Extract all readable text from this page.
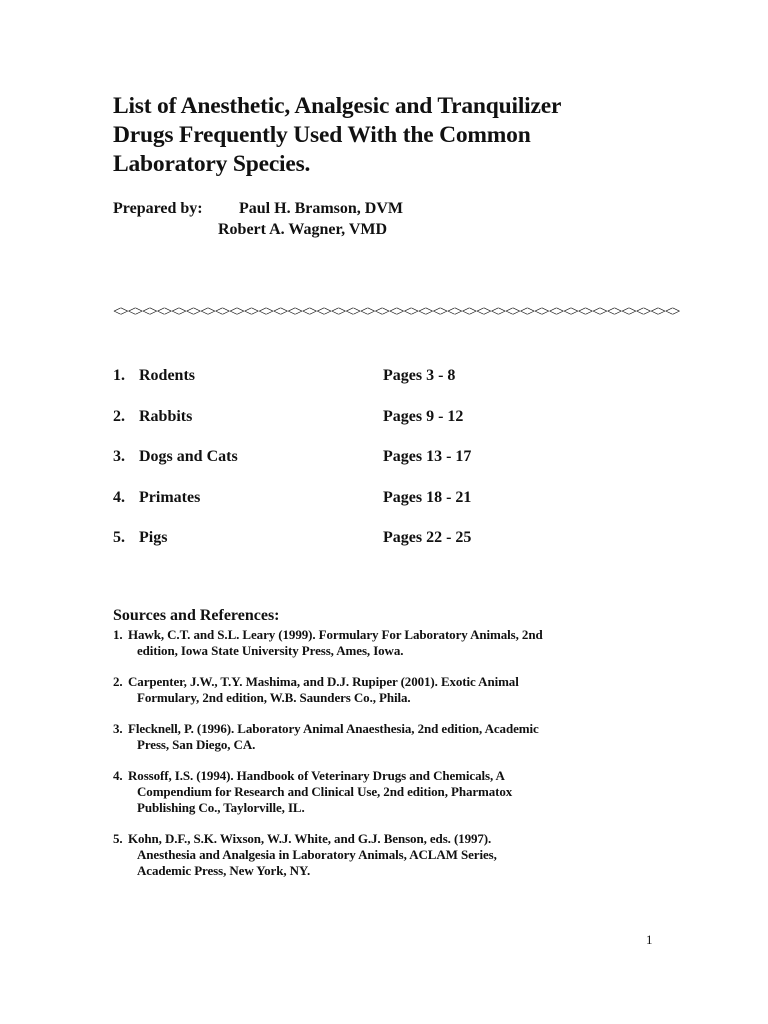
List of Anesthetic, Analgesic and Tranquilizer
Drugs Frequently Used With the Common
Laboratory Species.
Prepared by: Paul H. Bramson, DVM
Robert A. Wagner, VMD
<><><><><><><><><><><><><><><><><><><><><><><><><><><><><><><><><><><><><><><>
1. Rodents	Pages 3 - 8
2. Rabbits	Pages 9 - 12
3. Dogs and Cats	Pages 13 - 17
4. Primates	Pages 18 - 21
5. Pigs	Pages 22 - 25
Sources and References:
1. Hawk, C.T. and S.L. Leary (1999). Formulary For Laboratory Animals, 2nd
edition, Iowa State University Press, Ames, Iowa.
2. Carpenter, J.W., T.Y. Mashima, and D.J. Rupiper (2001). Exotic Animal
Formulary, 2nd edition, W.B. Saunders Co., Phila.
3. Flecknell, P. (1996). Laboratory Animal Anaesthesia, 2nd edition, Academic
Press, San Diego, CA.
4. Rossoff, I.S. (1994). Handbook of Veterinary Drugs and Chemicals, A
Compendium for Research and Clinical Use, 2nd edition, Pharmatox
Publishing Co., Taylorville, IL.
5. Kohn, D.F., S.K. Wixson, W.J. White, and G.J. Benson, eds. (1997).
Anesthesia and Analgesia in Laboratory Animals, ACLAM Series,
Academic Press, New York, NY.
1
